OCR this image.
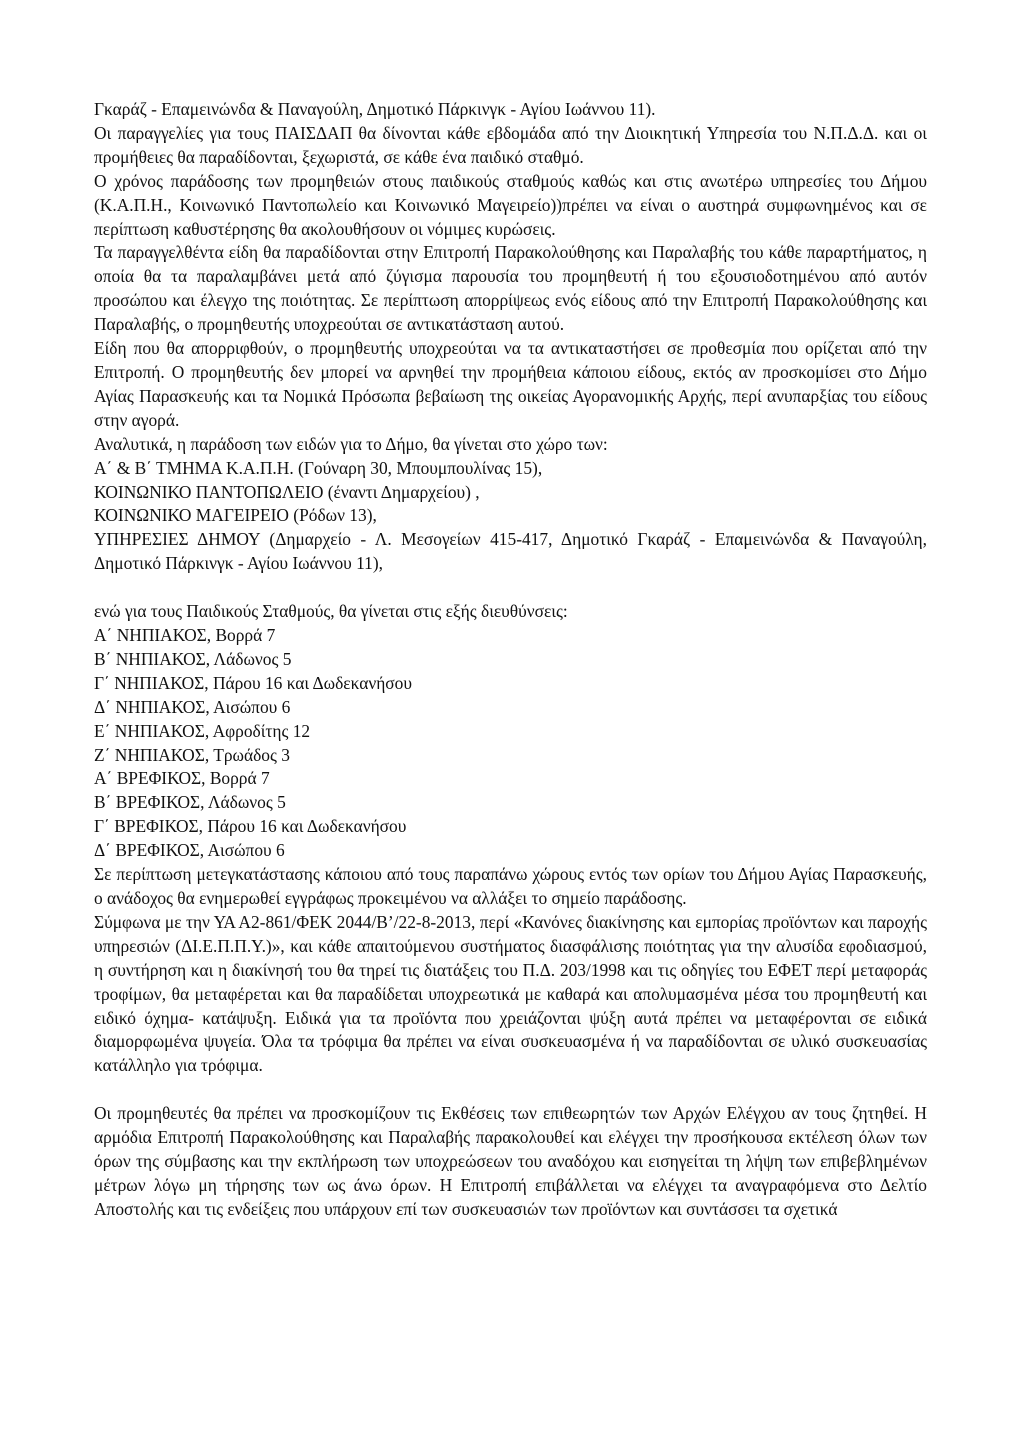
Γκαράζ - Επαμεινώνδα & Παναγούλη, Δημοτικό Πάρκινγκ - Αγίου Ιωάννου 11).

Οι παραγγελίες για τους ΠΑΙΣΔΑΠ θα δίνονται κάθε εβδομάδα από την Διοικητική Υπηρεσία του Ν.Π.Δ.Δ. και οι προμήθειες θα παραδίδονται, ξεχωριστά, σε κάθε ένα παιδικό σταθμό.

Ο χρόνος παράδοσης των προμηθειών στους παιδικούς σταθμούς καθώς και στις ανωτέρω υπηρεσίες του Δήμου (Κ.Α.Π.Η., Κοινωνικό Παντοπωλείο και Κοινωνικό Μαγειρείο))πρέπει να είναι ο αυστηρά συμφωνημένος και σε περίπτωση καθυστέρησης θα ακολουθήσουν οι νόμιμες κυρώσεις.

Τα παραγγελθέντα είδη θα παραδίδονται στην Επιτροπή Παρακολούθησης και Παραλαβής του κάθε παραρτήματος, η οποία θα τα παραλαμβάνει μετά από ζύγισμα παρουσία του προμηθευτή ή του εξουσιοδοτημένου από αυτόν προσώπου και έλεγχο της ποιότητας. Σε περίπτωση απορρίψεως ενός είδους από την Επιτροπή Παρακολούθησης και Παραλαβής, ο προμηθευτής υποχρεούται σε αντικατάσταση αυτού.

Είδη που θα απορριφθούν, ο προμηθευτής υποχρεούται να τα αντικαταστήσει σε προθεσμία που ορίζεται από την Επιτροπή. Ο προμηθευτής δεν μπορεί να αρνηθεί την προμήθεια κάποιου είδους, εκτός αν προσκομίσει στο Δήμο Αγίας Παρασκευής και τα Νομικά Πρόσωπα βεβαίωση της οικείας Αγορανομικής Αρχής, περί ανυπαρξίας του είδους στην αγορά.

Αναλυτικά, η παράδοση των ειδών για το Δήμο, θα γίνεται στο χώρο των:

Α΄ & Β΄ ΤΜΗΜΑ Κ.Α.Π.Η. (Γούναρη 30, Μπουμπουλίνας 15),

ΚΟΙΝΩΝΙΚΟ ΠΑΝΤΟΠΩΛΕΙΟ (έναντι Δημαρχείου) ,

ΚΟΙΝΩΝΙΚΟ ΜΑΓΕΙΡΕΙΟ (Ρόδων 13),

ΥΠΗΡΕΣΙΕΣ ΔΗΜΟΥ (Δημαρχείο - Λ. Μεσογείων 415-417, Δημοτικό Γκαράζ - Επαμεινώνδα & Παναγούλη, Δημοτικό Πάρκινγκ - Αγίου Ιωάννου 11),

ενώ για τους Παιδικούς Σταθμούς, θα γίνεται στις εξής διευθύνσεις:

Α΄ ΝΗΠΙΑΚΟΣ, Βορρά 7

Β΄ ΝΗΠΙΑΚΟΣ, Λάδωνος 5

Γ΄ ΝΗΠΙΑΚΟΣ, Πάρου 16 και Δωδεκανήσου

Δ΄ ΝΗΠΙΑΚΟΣ, Αισώπου 6

Ε΄ ΝΗΠΙΑΚΟΣ, Αφροδίτης 12

Ζ΄ ΝΗΠΙΑΚΟΣ, Τρωάδος 3

Α΄ ΒΡΕΦΙΚΟΣ, Βορρά 7

Β΄ ΒΡΕΦΙΚΟΣ, Λάδωνος 5

Γ΄ ΒΡΕΦΙΚΟΣ, Πάρου 16 και Δωδεκανήσου

Δ΄ ΒΡΕΦΙΚΟΣ, Αισώπου 6

Σε περίπτωση μετεγκατάστασης κάποιου από τους παραπάνω χώρους εντός των ορίων του Δήμου Αγίας Παρασκευής, ο ανάδοχος θα ενημερωθεί εγγράφως προκειμένου να αλλάξει το σημείο παράδοσης.

Σύμφωνα με την ΥΑ Α2-861/ΦΕΚ 2044/Β’/22-8-2013, περί «Κανόνες διακίνησης και εμπορίας προϊόντων και παροχής υπηρεσιών (ΔΙ.Ε.Π.Π.Υ.)», και κάθε απαιτούμενου συστήματος διασφάλισης ποιότητας για την αλυσίδα εφοδιασμού, η συντήρηση και η διακίνησή του θα τηρεί τις διατάξεις του Π.Δ. 203/1998 και τις οδηγίες του ΕΦΕΤ περί μεταφοράς τροφίμων, θα μεταφέρεται και θα παραδίδεται υποχρεωτικά με καθαρά και απολυμασμένα μέσα του προμηθευτή και ειδικό όχημα- κατάψυξη. Ειδικά για τα προϊόντα που χρειάζονται ψύξη αυτά πρέπει να μεταφέρονται σε ειδικά διαμορφωμένα ψυγεία. Όλα τα τρόφιμα θα πρέπει να είναι συσκευασμένα ή να παραδίδονται σε υλικό συσκευασίας κατάλληλο για τρόφιμα.

Οι προμηθευτές θα πρέπει να προσκομίζουν τις Εκθέσεις των επιθεωρητών των Αρχών Ελέγχου αν τους ζητηθεί. Η αρμόδια Επιτροπή Παρακολούθησης και Παραλαβής παρακολουθεί και ελέγχει την προσήκουσα εκτέλεση όλων των όρων της σύμβασης και την εκπλήρωση των υποχρεώσεων του αναδόχου και εισηγείται τη λήψη των επιβεβλημένων μέτρων λόγω μη τήρησης των ως άνω όρων. Η Επιτροπή επιβάλλεται να ελέγχει τα αναγραφόμενα στο Δελτίο Αποστολής και τις ενδείξεις που υπάρχουν επί των συσκευασιών των προϊόντων και συντάσσει τα σχετικά
